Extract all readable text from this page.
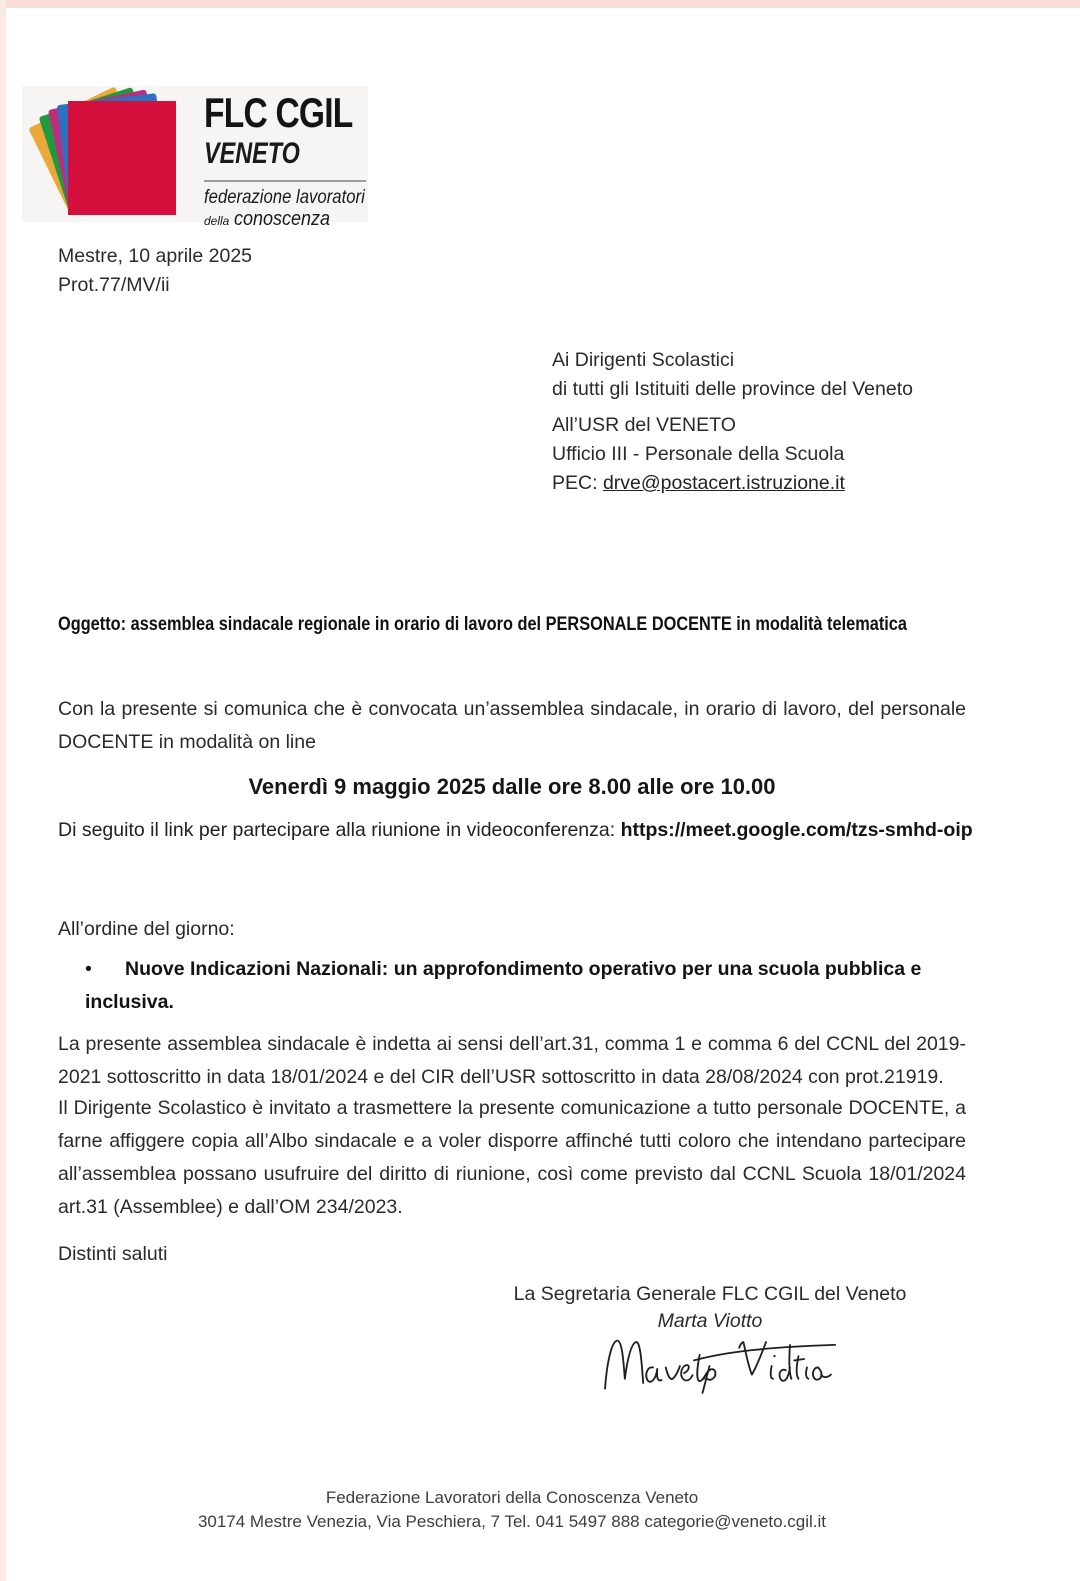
FLC CGIL
VENETO
federazione lavoratori
della conoscenza
Mestre, 10 aprile 2025
Prot.77/MV/ii
Ai Dirigenti Scolastici
di tutti gli Istituiti delle province del Veneto
All’USR del VENETO
Ufficio III - Personale della Scuola
PEC: drve@postacert.istruzione.it
Oggetto: assemblea sindacale regionale in orario di lavoro del PERSONALE DOCENTE in modalità telematica
Con la presente si comunica che è convocata un’assemblea sindacale, in orario di lavoro, del personale DOCENTE in modalità on line
Venerdì 9 maggio 2025 dalle ore 8.00 alle ore 10.00
Di seguito il link per partecipare alla riunione in videoconferenza: https://meet.google.com/tzs-smhd-oip
All’ordine del giorno:
• Nuove Indicazioni Nazionali: un approfondimento operativo per una scuola pubblica e inclusiva.
La presente assemblea sindacale è indetta ai sensi dell’art.31, comma 1 e comma 6 del CCNL del 2019-2021 sottoscritto in data 18/01/2024 e del CIR dell’USR sottoscritto in data 28/08/2024 con prot.21919.
Il Dirigente Scolastico è invitato a trasmettere la presente comunicazione a tutto personale DOCENTE, a farne affiggere copia all’Albo sindacale e a voler disporre affinché tutti coloro che intendano partecipare all’assemblea possano usufruire del diritto di riunione, così come previsto dal CCNL Scuola 18/01/2024 art.31 (Assemblee) e dall’OM 234/2023.
Distinti saluti
La Segretaria Generale FLC CGIL del Veneto
Marta Viotto
Federazione Lavoratori della Conoscenza Veneto
30174 Mestre Venezia, Via Peschiera, 7 Tel. 041 5497 888 categorie@veneto.cgil.it
